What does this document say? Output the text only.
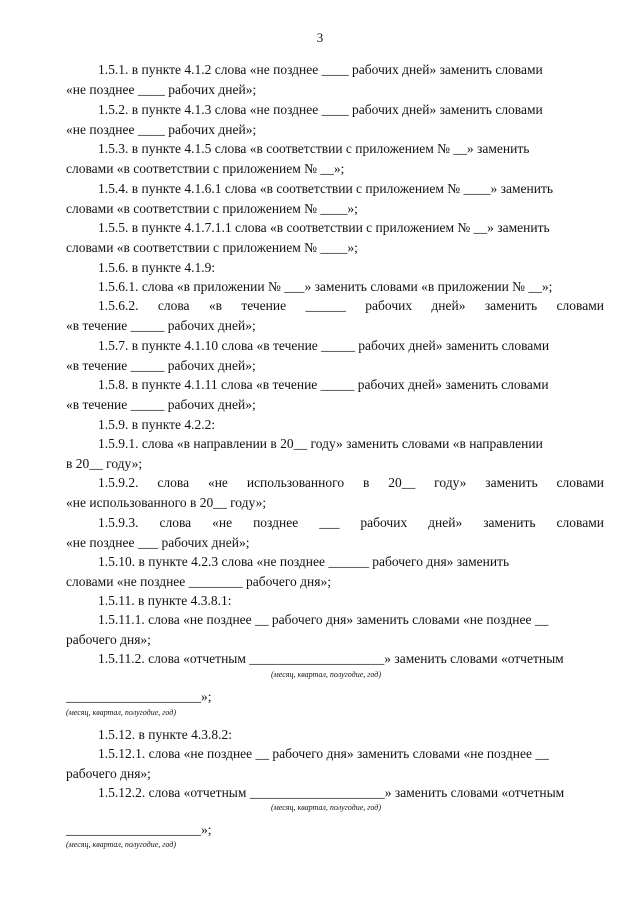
3
1.5.1. в пункте 4.1.2 слова «не позднее ____ рабочих дней» заменить словами
«не позднее ____ рабочих дней»;
1.5.2. в пункте 4.1.3 слова «не позднее ____ рабочих дней» заменить словами
«не позднее ____ рабочих дней»;
1.5.3. в пункте 4.1.5 слова «в соответствии с приложением № __» заменить
словами «в соответствии с приложением № __»;
1.5.4. в пункте 4.1.6.1 слова «в соответствии с приложением № ____» заменить
словами «в соответствии с приложением № ____»;
1.5.5. в пункте 4.1.7.1.1 слова «в соответствии с приложением № __» заменить
словами «в соответствии с приложением № ____»;
1.5.6. в пункте 4.1.9:
1.5.6.1. слова «в приложении № ___» заменить словами «в приложении № __»;
1.5.6.2. слова «в течение ______ рабочих дней» заменить словами
«в течение _____ рабочих дней»;
1.5.7. в пункте 4.1.10 слова «в течение _____ рабочих дней» заменить словами
«в течение _____ рабочих дней»;
1.5.8. в пункте 4.1.11 слова «в течение _____ рабочих дней» заменить словами
«в течение _____ рабочих дней»;
1.5.9. в пункте 4.2.2:
1.5.9.1. слова «в направлении в 20__ году» заменить словами «в направлении
в 20__ году»;
1.5.9.2. слова «не использованного в 20__ году» заменить словами
«не использованного в 20__ году»;
1.5.9.3. слова «не позднее ___ рабочих дней» заменить словами
«не позднее ___ рабочих дней»;
1.5.10. в пункте 4.2.3 слова «не позднее ______ рабочего дня» заменить
словами «не позднее ________ рабочего дня»;
1.5.11. в пункте 4.3.8.1:
1.5.11.1. слова «не позднее __ рабочего дня» заменить словами «не позднее __
рабочего дня»;
1.5.11.2. слова «отчетным ____________________» заменить словами «отчетным
(месяц, квартал, полугодие, год)
____________________»;
(месяц, квартал, полугодие, год)
1.5.12. в пункте 4.3.8.2:
1.5.12.1. слова «не позднее __ рабочего дня» заменить словами «не позднее __
рабочего дня»;
1.5.12.2. слова «отчетным ____________________» заменить словами «отчетным
(месяц, квартал, полугодие, год)
____________________»;
(месяц, квартал, полугодие, год)
